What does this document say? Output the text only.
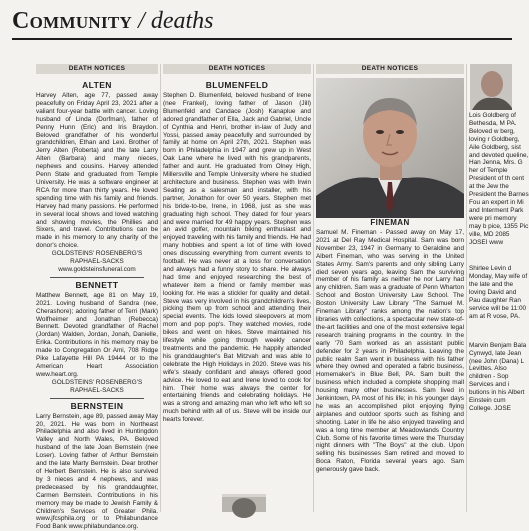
Community / deaths
DEATH NOTICES	DEATH NOTICES	DEATH NOTICES
ALTEN
Harvey Alten, age 77, passed away peacefully on Friday April 23, 2021 after a valiant four-year battle with cancer. Loving husband of Linda (Dorfman), father of Penny Hunn (Eric) and Iris Braydon. Beloved grandfather of his wonderful grandchildren, Ethan and Lexi. Brother of Jerry Alten (Roberta) and the late Larry Alten (Barbara) and many nieces, nephews and cousins. Harvey attended Penn State and graduated from Temple University. He was a software engineer at RCA for more than thirty years. He loved spending time with his family and friends. Harvey had many passions. He performed in several local shows and loved watching and showing movies, the Phillies and Sixers, and travel. Contributions can be made in his memory to any charity of the donor's choice.
GOLDSTEINS' ROSENBERG'S
RAPHAEL-SACKS
www.goldsteinsfuneral.com
BENNETT
Matthew Bennett, age 81 on May 19, 2021. Loving husband of Sandra (nee, Cherashore); adoring father of Terri (Mark) Wolfheimer and Jonathan (Rebecca) Bennett. Devoted grandfather of Rachel (Jordan) Walden, Jordan, Jonah, Danielle, Erika. Contributions in his memory may be made to Congregation Or Ami, 708 Ridge Pike Lafayette Hill PA 19444 or to the American Heart Association www.heart.org.
GOLDSTEINS' ROSENBERG'S
RAPHAEL-SACKS
BERNSTEIN
Larry Bernstein, age 89, passed away May 20, 2021. He was born in Northeast Philadelphia and also lived in Huntingdon Valley and North Wales, PA. Beloved husband of the late Joan Bernstein (nee Loser). Loving father of Arthur Bernstein and the late Marty Bernstein. Dear brother of Herbert Bernstein. He is also survived by 3 nieces and 4 nephews, and was predeceased by his granddaughter, Carmen Bernstein. Contributions in his memory may be made to Jewish Family & Children's Services of Greater Phila. www.jfcsphila.org or to Philabundance Food Bank www.philabundance.org.
BLUMENFELD
Stephen D. Blumenfeld, beloved husband of Irene (nee Frankel), loving father of Jason (Jill) Blumenfeld and Candace (Josh) Kanaplue and adored grandfather of Ella, Jack and Gabriel, Uncle of Cynthia and Henri, brother in-law of Judy and Yossi, passed away peacefully and surrounded by family at home on April 27th, 2021. Stephen was born in Philadelphia in 1947 and grew up in West Oak Lane where he lived with his grandparents, father and aunt. He graduated from Olney High, Millersville and Temple University where he studied architecture and business. Stephen was with Irwin Seating as a salesman and installer, with his partner, Jonathon for over 50 years. Stephen met his bride-to-be, Irene, in 1968, just as she was graduating high school. They dated for four years and were married for 49 happy years. Stephen was an avid golfer, mountain biking enthusiast and enjoyed traveling with his family and friends. He had many hobbies and spent a lot of time with loved ones discussing everything from current events to football. He was never at a loss for conversation and always had a funny story to share. He always had time and enjoyed researching the best of whatever item a friend or family member was looking for. He was a stickler for quality and detail. Steve was very involved in his grandchildren's lives, picking them up from school and attending their special events. The kids loved sleepovers at mom mom and pop pop's. They watched movies, rode bikes and went on hikes. Steve maintained his lifestyle while going through weekly cancer treatments and the pandemic. He happily attended his granddaughter's Bat Mitzvah and was able to celebrate the High Holidays in 2020. Steve was his wife's steady confidant and always offered good advice. He loved to eat and Irene loved to cook for him. Their home was always the center for entertaining friends and celebrating holidays. He was a strong and amazing man who left who left so much behind with all of us. Steve will be inside our hearts forever.
FINEMAN
Samuel M. Fineman - Passed away on May 17, 2021 at Del Ray Medical Hospital. Sam was born November 23, 1947 in Germany to Geraldine and Albert Fineman, who was serving in the United States Army. Sam's parents and only sibling Larry died seven years ago, leaving Sam the surviving member of his family as neither he nor Larry had any children. Sam was a graduate of Penn Wharton School and Boston University Law School. The Boston University Law Library "The Samuel M. Fineman Library" ranks among the nation's top libraries with collections, a spectacular new state-of-the-art facilities and one of the most extensive legal research training programs in the country. In the early '70 Sam worked as an assistant public defender for 2 years in Philadelphia. Leaving the public realm Sam went in business with his father where they owned and operated a fabric business, Homemaker's in Blue Bell, PA. Sam built the business which included a complete shopping mall housing many other businesses. Sam lived in Jenkintown, PA most of his life; in his younger days he was an accomplished pilot enjoying flying airplanes and outdoor sports such as fishing and shooting. Later in life he also enjoyed traveling and was a long time member at Meadowlands Country Club. Some of his favorite times were the Thursday night dinners with "The Boys" at the club. Upon selling his businesses Sam retired and moved to Boca Raton, Florida several years ago. Sam generously gave back.
Lois Goldberg of Bethesda, M PA. Beloved w berg, loving r Goldberg, Aile Goldberg, sist and devoted queline, Han Jenna, Mrs. G her of Temple President of th cent at the Jew the President the Barnes Fou an expert in Mi and Interment Park were pri memory may b pice, 1355 Pic ville, MD 2085 JOSEI www
Shirlee Levin d Monday, May wife of the late and the loving David and Pau daughter Ran service will be 11:00 am at R vose, PA.
Marvin Benjam Bala Cynwyd, late Jean (nee John (Dana) L Levittes. Also children - Sop Services and i butions in his Albert Einstein cum College. JOSE
